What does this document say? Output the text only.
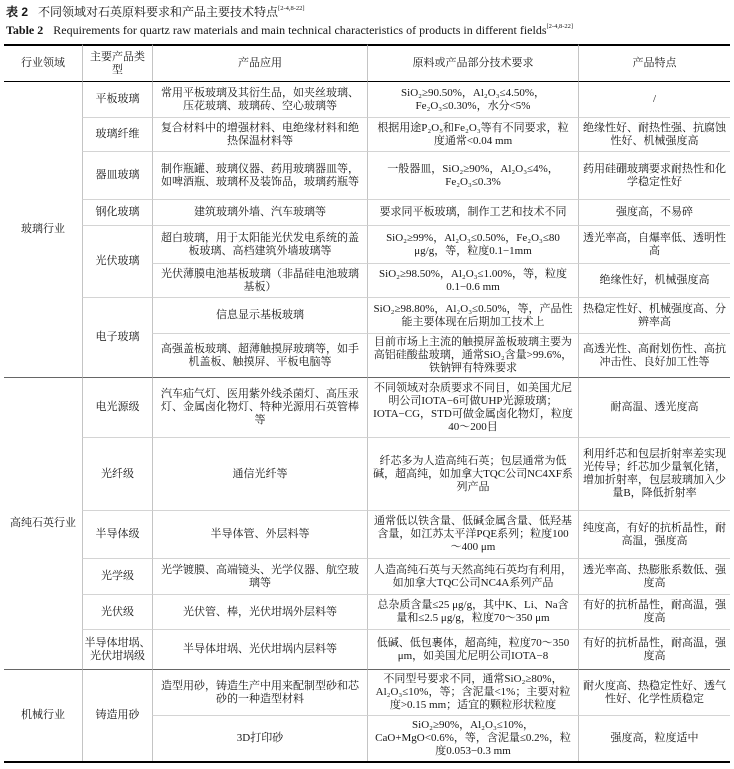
表 2 不同领域对石英原料要求和产品主要技术特点[2-4,8-22]
Table 2 Requirements for quartz raw materials and main technical characteristics of products in different fields[2-4,8-22]
行业领域	主要产品类型	产品应用	原料或产品部分技术要求	产品特点
玻璃行业	平板玻璃	常用平板玻璃及其衍生品，如夹丝玻璃、压花玻璃、玻璃砖、空心玻璃等	SiO₂≥90.50%，Al₂O₃≤4.50%，Fe₂O₃≤0.30%，水分<5%	/
	玻璃纤维	复合材料中的增强材料、电绝缘材料和绝热保温材料等	根据用途P₂O₅和Fe₂O₃等有不同要求，粒度通常<0.04 mm	绝缘性好、耐热性强、抗腐蚀性好、机械强度高
	器皿玻璃	制作瓶罐、玻璃仪器、药用玻璃器皿等，如啤酒瓶、玻璃杯及装饰品，玻璃药瓶等	一般器皿，SiO₂≥90%，Al₂O₃≤4%，Fe₂O₃≤0.3%	药用硅硼玻璃要求耐热性和化学稳定性好
	钢化玻璃	建筑玻璃外墙、汽车玻璃等	要求同平板玻璃，制作工艺和技术不同	强度高，不易碎
	光伏玻璃	超白玻璃，用于太阳能光伏发电系统的盖板玻璃、高档建筑外墙玻璃等	SiO₂≥99%，Al₂O₃≤0.50%，Fe₂O₃≤80 μg/g，等，粒度0.1−1mm	透光率高，自爆率低、透明性高
		光伏薄膜电池基板玻璃（非晶硅电池玻璃基板）	SiO₂≥98.50%，Al₂O₃≤1.00%，等，粒度0.1−0.6 mm	绝缘性好，机械强度高
	电子玻璃	信息显示基板玻璃	SiO₂≥98.80%，Al₂O₃≤0.50%，等，产品性能主要体现在后期加工技术上	热稳定性好、机械强度高、分辨率高
		高强盖板玻璃、超薄触摸屏玻璃等，如手机盖板、触摸屏、平板电脑等	目前市场上主流的触摸屏盖板玻璃主要为高铝硅酸盐玻璃，通常SiO₂含量>99.6%，铁钠钾有特殊要求	高透光性、高耐划伤性、高抗冲击性、良好加工性等
高纯石英行业	电光源级	汽车疝气灯、医用紫外线杀菌灯、高压汞灯、金属卤化物灯、特种光源用石英管棒等	不同领域对杂质要求不同目，如美国尤尼明公司IOTA−6可做UHP光源玻璃；IOTA−CG，STD可做金属卤化物灯，粒度40～200目	耐高温、透光度高
	光纤级	通信光纤等	纤芯多为人造高纯石英；包层通常为低碱，超高纯，如加拿大TQC公司NC4XF系列产品	利用纤芯和包层折射率差实现光传导；纤芯加少量氧化锗，增加折射率，包层玻璃加入少量B，降低折射率
	半导体级	半导体管、外层料等	通常低以铁含量、低碱金属含量、低羟基含量，如江苏太平洋PQE系列；粒度100～400 μm	纯度高，有好的抗析晶性，耐高温，强度高
	光学级	光学镀膜、高端镜头、光学仪器、航空玻璃等	人造高纯石英与天然高纯石英均有利用，如加拿大TQC公司NC4A系列产品	透光率高、热膨胀系数低、强度高
	光伏级	光伏管、棒，光伏坩埚外层料等	总杂质含量≤25 μg/g，其中K、Li、Na含量和≤2.5 μg/g，粒度70～350 μm	有好的抗析晶性，耐高温，强度高
	半导体坩埚、光伏坩埚级	半导体坩埚、光伏坩埚内层料等	低碱、低包裹体，超高纯，粒度70～350 μm，如美国尤尼明公司IOTA−8	有好的抗析晶性，耐高温，强度高
机械行业	铸造用砂	造型用砂，铸造生产中用来配制型砂和芯砂的一种造型材料	不同型号要求不同，通常SiO₂≥80%，Al₂O₃≤10%，等；含泥量<1%；主要对粒度>0.15 mm；适宜的颗粒形状粒度	耐火度高、热稳定性好、透气性好、化学性质稳定
		3D打印砂	SiO₂≥90%，Al₂O₃≤10%，CaO+MgO<0.6%，等，含泥量≤0.2%，粒度0.053−0.3 mm	强度高，粒度适中
